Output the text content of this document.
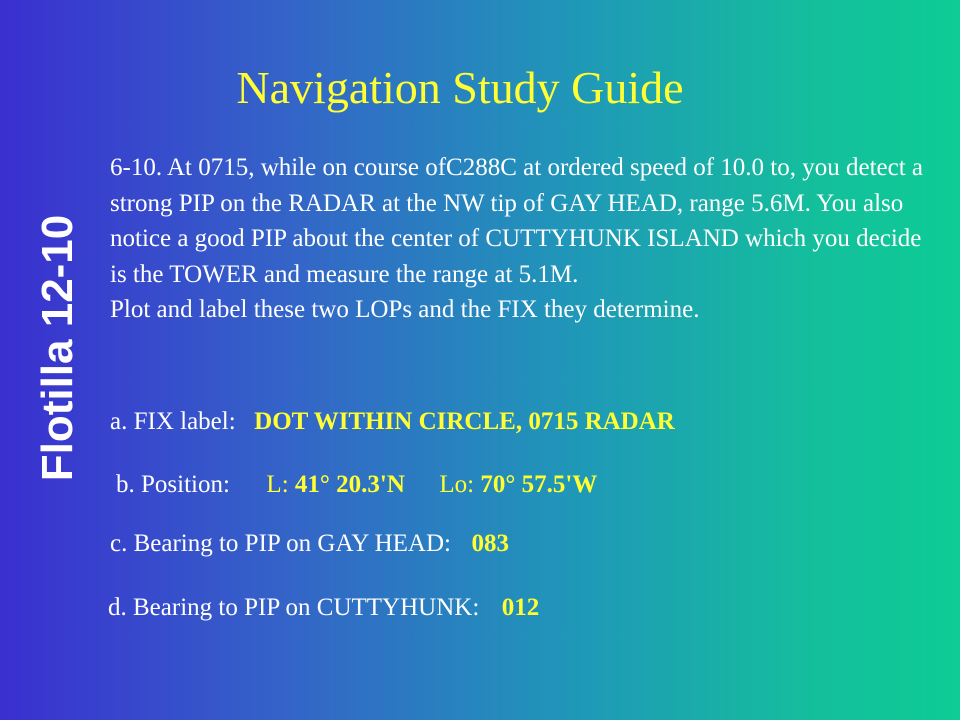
Navigation Study Guide
Flotilla 12-10

6-10. At 0715, while on course ofC288C at ordered speed of 10.0 to, you detect a strong PIP on the RADAR at the NW tip of GAY HEAD, range 5.6M. You also notice a good PIP about the center of CUTTYHUNK ISLAND which you decide is the TOWER and measure the range at 5.1M.

Plot and label these two LOPs and the FIX they determine.

a. FIX label: DOT WITHIN CIRCLE, 0715 RADAR
b. Position: L: 41° 20.3'N Lo: 70° 57.5'W
c. Bearing to PIP on GAY HEAD: 083
d. Bearing to PIP on CUTTYHUNK: 012
